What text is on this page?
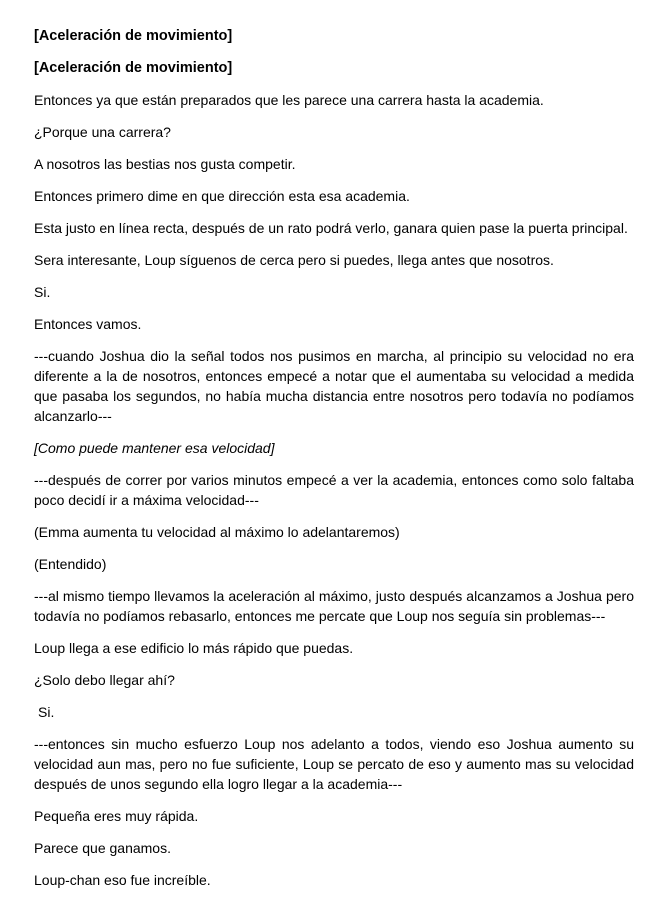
[Aceleración de movimiento]

[Aceleración de movimiento]

Entonces ya que están preparados que les parece una carrera hasta la academia.

¿Porque una carrera?

A nosotros las bestias nos gusta competir.

Entonces primero dime en que dirección esta esa academia.

Esta justo en línea recta, después de un rato podrá verlo, ganara quien pase la puerta principal.

Sera interesante, Loup síguenos de cerca pero si puedes, llega antes que nosotros.

Si.

Entonces vamos.

---cuando Joshua dio la señal todos nos pusimos en marcha, al principio su velocidad no era diferente a la de nosotros, entonces empecé a notar que el aumentaba su velocidad a medida que pasaba los segundos, no había mucha distancia entre nosotros pero todavía no podíamos alcanzarlo---

[Como puede mantener esa velocidad]

---después de correr por varios minutos empecé a ver la academia, entonces como solo faltaba poco decidí ir a máxima velocidad---

(Emma aumenta tu velocidad al máximo lo adelantaremos)

(Entendido)

---al mismo tiempo llevamos la aceleración al máximo, justo después alcanzamos a Joshua pero todavía no podíamos rebasarlo, entonces me percate que Loup nos seguía sin problemas---

Loup llega a ese edificio lo más rápido que puedas.

¿Solo debo llegar ahí?

Si.

---entonces sin mucho esfuerzo Loup nos adelanto a todos, viendo eso Joshua aumento su velocidad aun mas, pero no fue suficiente, Loup se percato de eso y aumento mas su velocidad después de unos segundo ella logro llegar a la academia---

Pequeña eres muy rápida.

Parece que ganamos.

Loup-chan eso fue increíble.
